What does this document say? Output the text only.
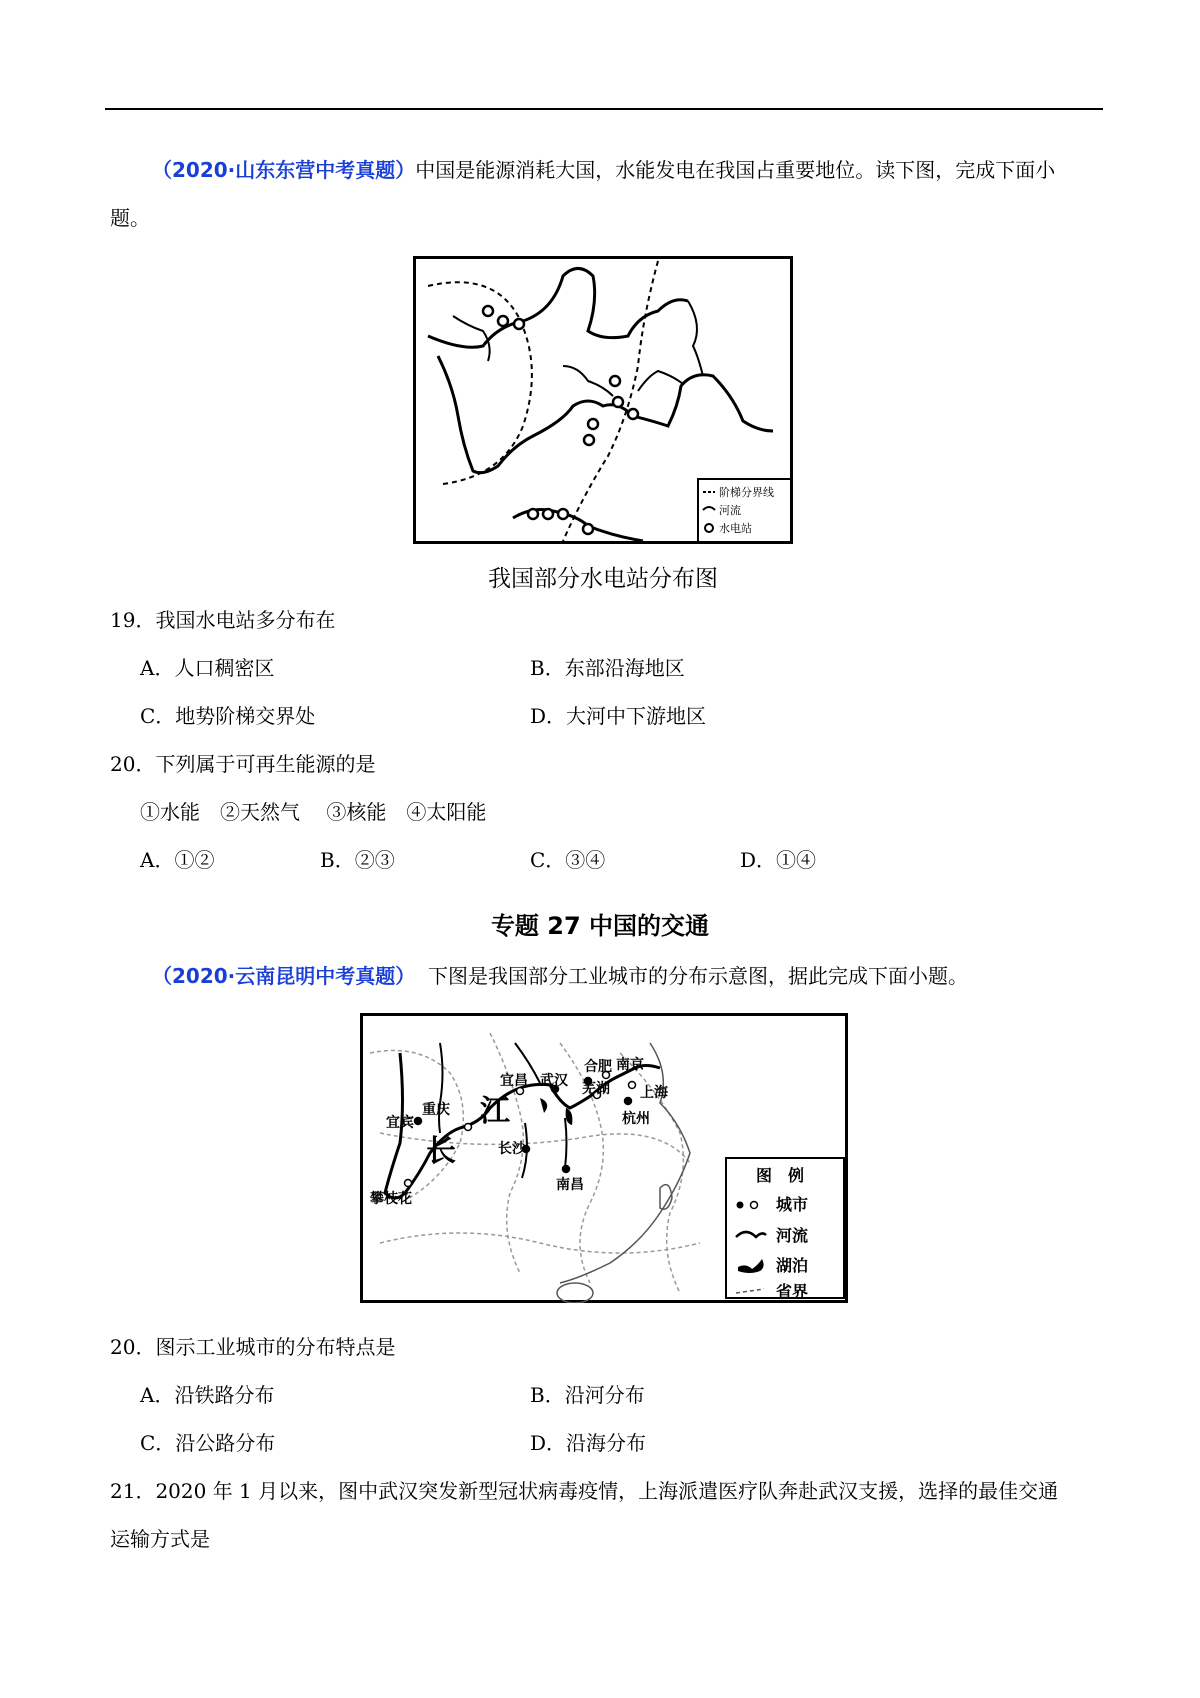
（2020·山东东营中考真题）中国是能源消耗大国，水能发电在我国占重要地位。读下图，完成下面小
题。
阶梯分界线
河流
水电站
我国部分水电站分布图
19．我国水电站多分布在
A．人口稠密区	B．东部沿海地区
C．地势阶梯交界处	D．大河中下游地区
20．下列属于可再生能源的是
①水能　②天然气　 ③核能　④太阳能
A．①②	B．②③	C．③④	D．①④
专题 27 中国的交通
（2020·云南昆明中考真题） 下图是我国部分工业城市的分布示意图，据此完成下面小题。
合肥 南京
上海
宜昌 武汉 芜湖
重庆
宜宾	杭州
长沙
南昌
攀枝花
江
长
图　例
城市
河流
湖泊
省界
20．图示工业城市的分布特点是
A．沿铁路分布	B．沿河分布
C．沿公路分布	D．沿海分布
21．2020 年 1 月以来，图中武汉突发新型冠状病毒疫情，上海派遣医疗队奔赴武汉支援，选择的最佳交通
运输方式是
